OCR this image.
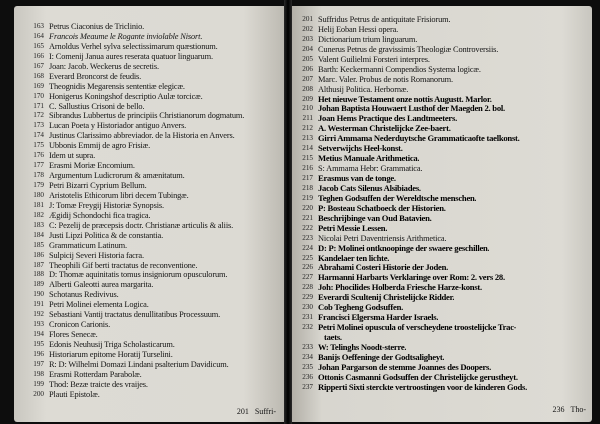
163 Petrus Ciaconius de Triclinio.
164 Francois Meaume le Rogante inviolable Nisort.
165 Arnoldus Verhel sylva selectissimarum quæstionum.
166 I: Comenij Janua aures reserata quatuor linguarum.
167 Joan: Jacob. Weckerus de secretis.
168 Everard Broncorst de feudis.
169 Theognidis Megarensis sententiæ elegicæ.
170 Honigerus Koningshof descriptio Aulæ torcicæ.
171 C. Sallustius Crisoni de bello.
172 Sibrandus Lubbertus de principiis Christianorum dogmatum.
173 Lucan Poeta y Historiador antiguo Anvers.
174 Justinus Clarissimo abbreviador. de la Historia en Anvers.
175 Ubbonis Emmij de agro Frisiæ.
176 Idem ut supra.
177 Erasmi Moriæ Encomium.
178 Argumentum Ludicrorum & amænitatum.
179 Petri Bizarri Cyprium Bellum.
180 Aristotelis Ethicorum libri decem Tubingæ.
181 J: Tomæ Freygij Historiæ Synopsis.
182 Ægidij Schondochi fica tragica.
183 C: Pezelij de præcepsis doctr. Christianæ articulis & aliis.
184 Justi Lipzi Politica & de constantia.
185 Grammaticum Latinum.
186 Sulpicij Severi Historia facra.
187 Theophili Gif berti tractatus de reconventione.
188 D: Thomæ aquinitatis tomus insigniorum opusculorum.
189 Alberti Galeotti aurea margarita.
190 Schotanus Redivivus.
191 Petri Molinei elementa Logica.
192 Sebastiani Vantij tractatus denullitatibus Processuum.
193 Cronicon Carionis.
194 Flores Senecæ.
195 Edonis Neuhusij Triga Scholasticarum.
196 Historiarum epitome Horatij Turselini.
197 R: D: Wilhelmi Domazi Lindani psalterium Davidicum.
198 Erasmi Rotterdam Parabolæ.
199 Thod: Bezæ traicte des vraijes.
200 Plauti Epistolæ.
201 Suffri-
201 Suffridus Petrus de antiquitate Frisiorum.
202 Helij Eoban Hessi opera.
203 Dictionarium trium linguarum.
204 Cunerus Petrus de gravissimis Theologiæ Controversiis.
205 Valent Guilielmi Forsteri interpres.
206 Barth: Keckermanni Compendios Systema logicæ.
207 Marc. Valer. Probus de notis Romanorum.
208 Althusij Politica. Herbornæ.
209 Het nieuwe Testament onze nottis Augustt. Marlor.
210 Johan Baptista Houwaert Lusthof der Maegden 2. bol.
211 Joan Hems Practique des Landtmeeters.
212 A. Westerman Christelijcke Zee-baert.
213 Girri Ammama Nederduytsche Grammaticaofte taelkonst.
214 Setverwijchs Heel-konst.
215 Metius Manuale Arithmetica.
216 S: Ammama Hebr: Grammatica.
217 Erasmus van de tonge.
218 Jacob Cats Silenus Alsibiades.
219 Teghen Godsuffen der Wereldtsche menschen.
220 P: Bosteau Schatboeck der Historien.
221 Beschrijbinge van Oud Batavien.
222 Petri Messie Lessen.
223 Nicolai Petri Daventriensis Arithmetica.
224 D: P: Molinei ontknoopinge der swaere geschillen.
225 Kandelaer ten lichte.
226 Abrahami Costeri Historie der Joden.
227 Harmanni Harbarts Verklaringe over Rom: 2. vers 28.
228 Joh: Phocilides Holberda Friesche Harze-konst.
229 Everardi Scultenij Christelijcke Ridder.
230 Cob Tegheng Godsuffen.
231 Francisci Elgersma Harder Israels.
232 Petri Molinei opuscula of verscheydene troostelijcke Trac-
taets.
233 W: Telinghs Noodt-sterre.
234 Banijs Oeffeninge der Godtsaligheyt.
235 Johan Pargarson de stemme Joannes des Doopers.
236 Ottonis Casmanni Godsuffen der Christelijcke gerustheyt.
237 Ripperti Sixti sterckte vertroostingen voor de kinderen Gods.
236 Tho-
